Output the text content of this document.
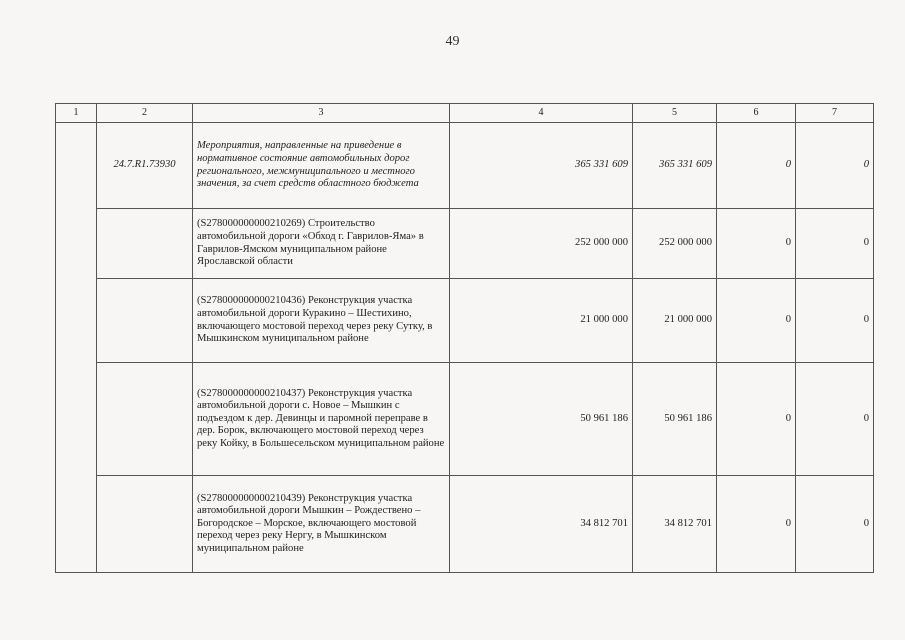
49
1	2	3	4	5	6	7
	24.7.R1.73930	Мероприятия, направленные на приведение в нормативное состояние автомобильных дорог регионального, межмуниципального и местного значения, за счет средств областного бюджета	365 331 609	365 331 609	0	0
		(S278000000000210269) Строительство автомобильной дороги «Обход г. Гаврилов-Яма» в Гаврилов-Ямском муниципальном районе Ярославской области	252 000 000	252 000 000	0	0
		(S278000000000210436) Реконструкция участка автомобильной дороги Куракино – Шестихино, включающего мостовой переход через реку Сутку, в Мышкинском муниципальном районе	21 000 000	21 000 000	0	0
		(S278000000000210437) Реконструкция участка автомобильной дороги с. Новое – Мышкин с подъездом к дер. Девинцы и паромной переправе в дер. Борок, включающего мостовой переход через реку Койку, в Большесельском муниципальном районе	50 961 186	50 961 186	0	0
		(S278000000000210439) Реконструкция участка автомобильной дороги Мышкин – Рождествено – Богородское – Морское, включающего мостовой переход через реку Нергу, в Мышкинском муниципальном районе	34 812 701	34 812 701	0	0
